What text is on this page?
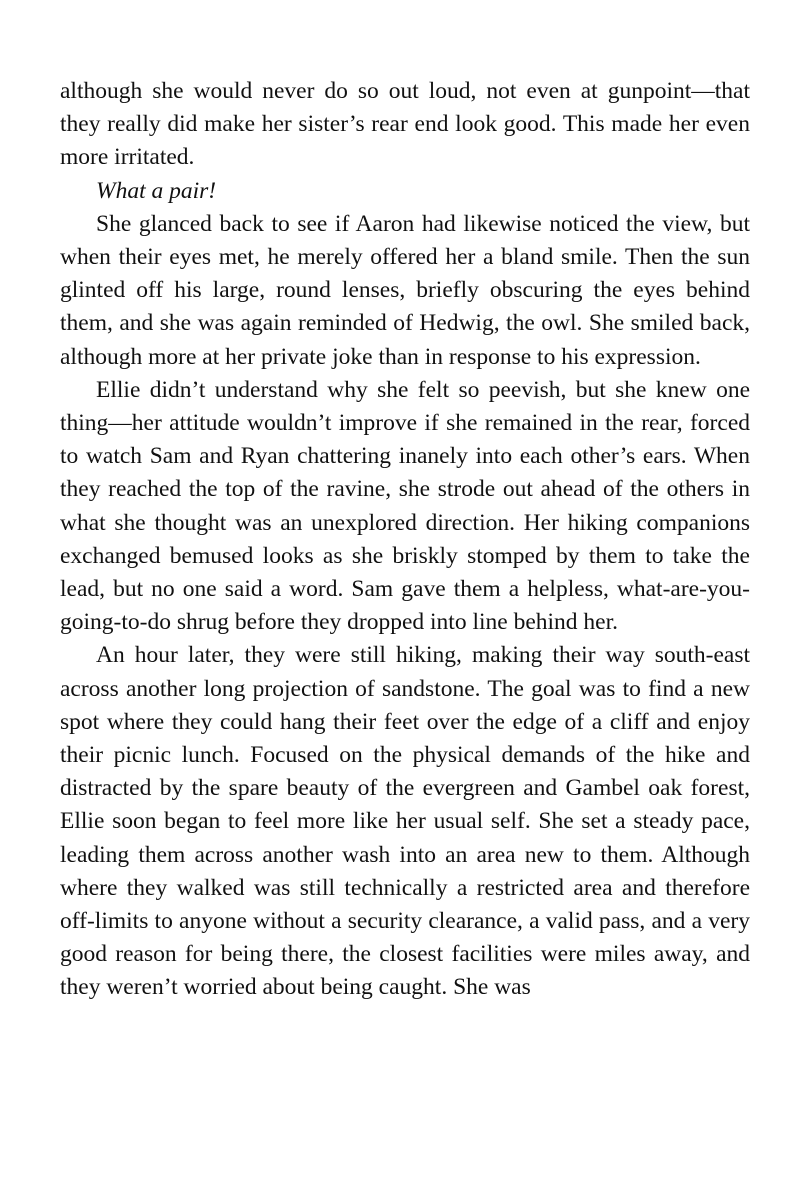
although she would never do so out loud, not even at gunpoint—that they really did make her sister’s rear end look good. This made her even more irritated.

What a pair!

She glanced back to see if Aaron had likewise noticed the view, but when their eyes met, he merely offered her a bland smile. Then the sun glinted off his large, round lenses, briefly obscuring the eyes behind them, and she was again reminded of Hedwig, the owl. She smiled back, although more at her private joke than in response to his expression.

Ellie didn’t understand why she felt so peevish, but she knew one thing—her attitude wouldn’t improve if she remained in the rear, forced to watch Sam and Ryan chattering inanely into each other’s ears. When they reached the top of the ravine, she strode out ahead of the others in what she thought was an unexplored direction. Her hiking companions exchanged bemused looks as she briskly stomped by them to take the lead, but no one said a word. Sam gave them a helpless, what-are-you-going-to-do shrug before they dropped into line behind her.

An hour later, they were still hiking, making their way south-east across another long projection of sandstone. The goal was to find a new spot where they could hang their feet over the edge of a cliff and enjoy their picnic lunch. Focused on the physical demands of the hike and distracted by the spare beauty of the evergreen and Gambel oak forest, Ellie soon began to feel more like her usual self. She set a steady pace, leading them across another wash into an area new to them. Although where they walked was still technically a restricted area and therefore off-limits to anyone without a security clearance, a valid pass, and a very good reason for being there, the closest facilities were miles away, and they weren’t worried about being caught. She was
